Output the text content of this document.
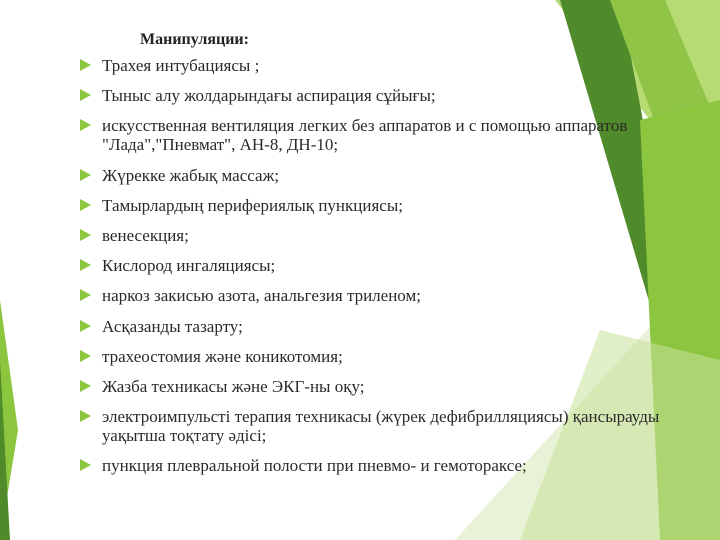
Манипуляции:
Трахея интубациясы ;
Тыныс алу жолдарындағы аспирация сұйығы;
искусственная вентиляция легких без аппаратов и с помощью аппаратов "Лада","Пневмат", АН-8, ДН-10;
Жүрекке жабық массаж;
Тамырлардың перифериялық пункциясы;
венесекция;
Кислород ингаляциясы;
наркоз закисью азота, анальгезия триленом;
Асқазанды тазарту;
трахеостомия және коникотомия;
Жазба техникасы және ЭКГ-ны оқу;
электроимпульсті терапия техникасы (жүрек дефибрилляциясы) қансырауды уақытша тоқтату әдісі;
пункция плевральной полости при пневмо- и гемотораксе;
